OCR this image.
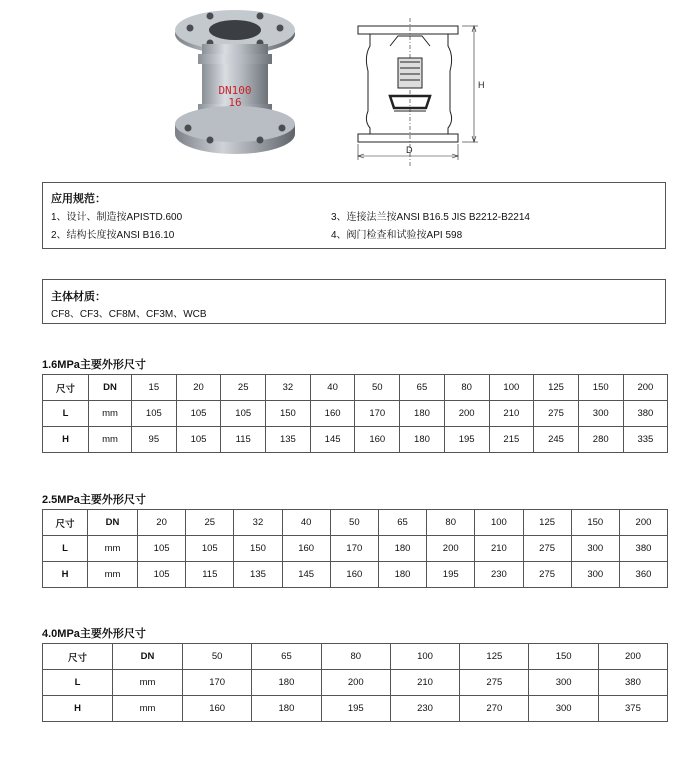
DN100
16
H
D
应用规范：
1、设计、制造按APISTD.600
2、结构长度按ANSI B16.10
3、连接法兰按ANSI B16.5 JIS B2212-B2214
4、阀门检查和试验按API 598
主体材质：
CF8、CF3、CF8M、CF3M、WCB
1.6MPa主要外形尺寸
尺寸	DN	15	20	25	32	40	50	65	80	100	125	150	200
L	mm	105	105	105	150	160	170	180	200	210	275	300	380
H	mm	95	105	115	135	145	160	180	195	215	245	280	335
2.5MPa主要外形尺寸
尺寸	DN	20	25	32	40	50	65	80	100	125	150	200
L	mm	105	105	150	160	170	180	200	210	275	300	380
H	mm	105	115	135	145	160	180	195	230	275	300	360
4.0MPa主要外形尺寸
尺寸	DN	50	65	80	100	125	150	200
L	mm	170	180	200	210	275	300	380
H	mm	160	180	195	230	270	300	375
